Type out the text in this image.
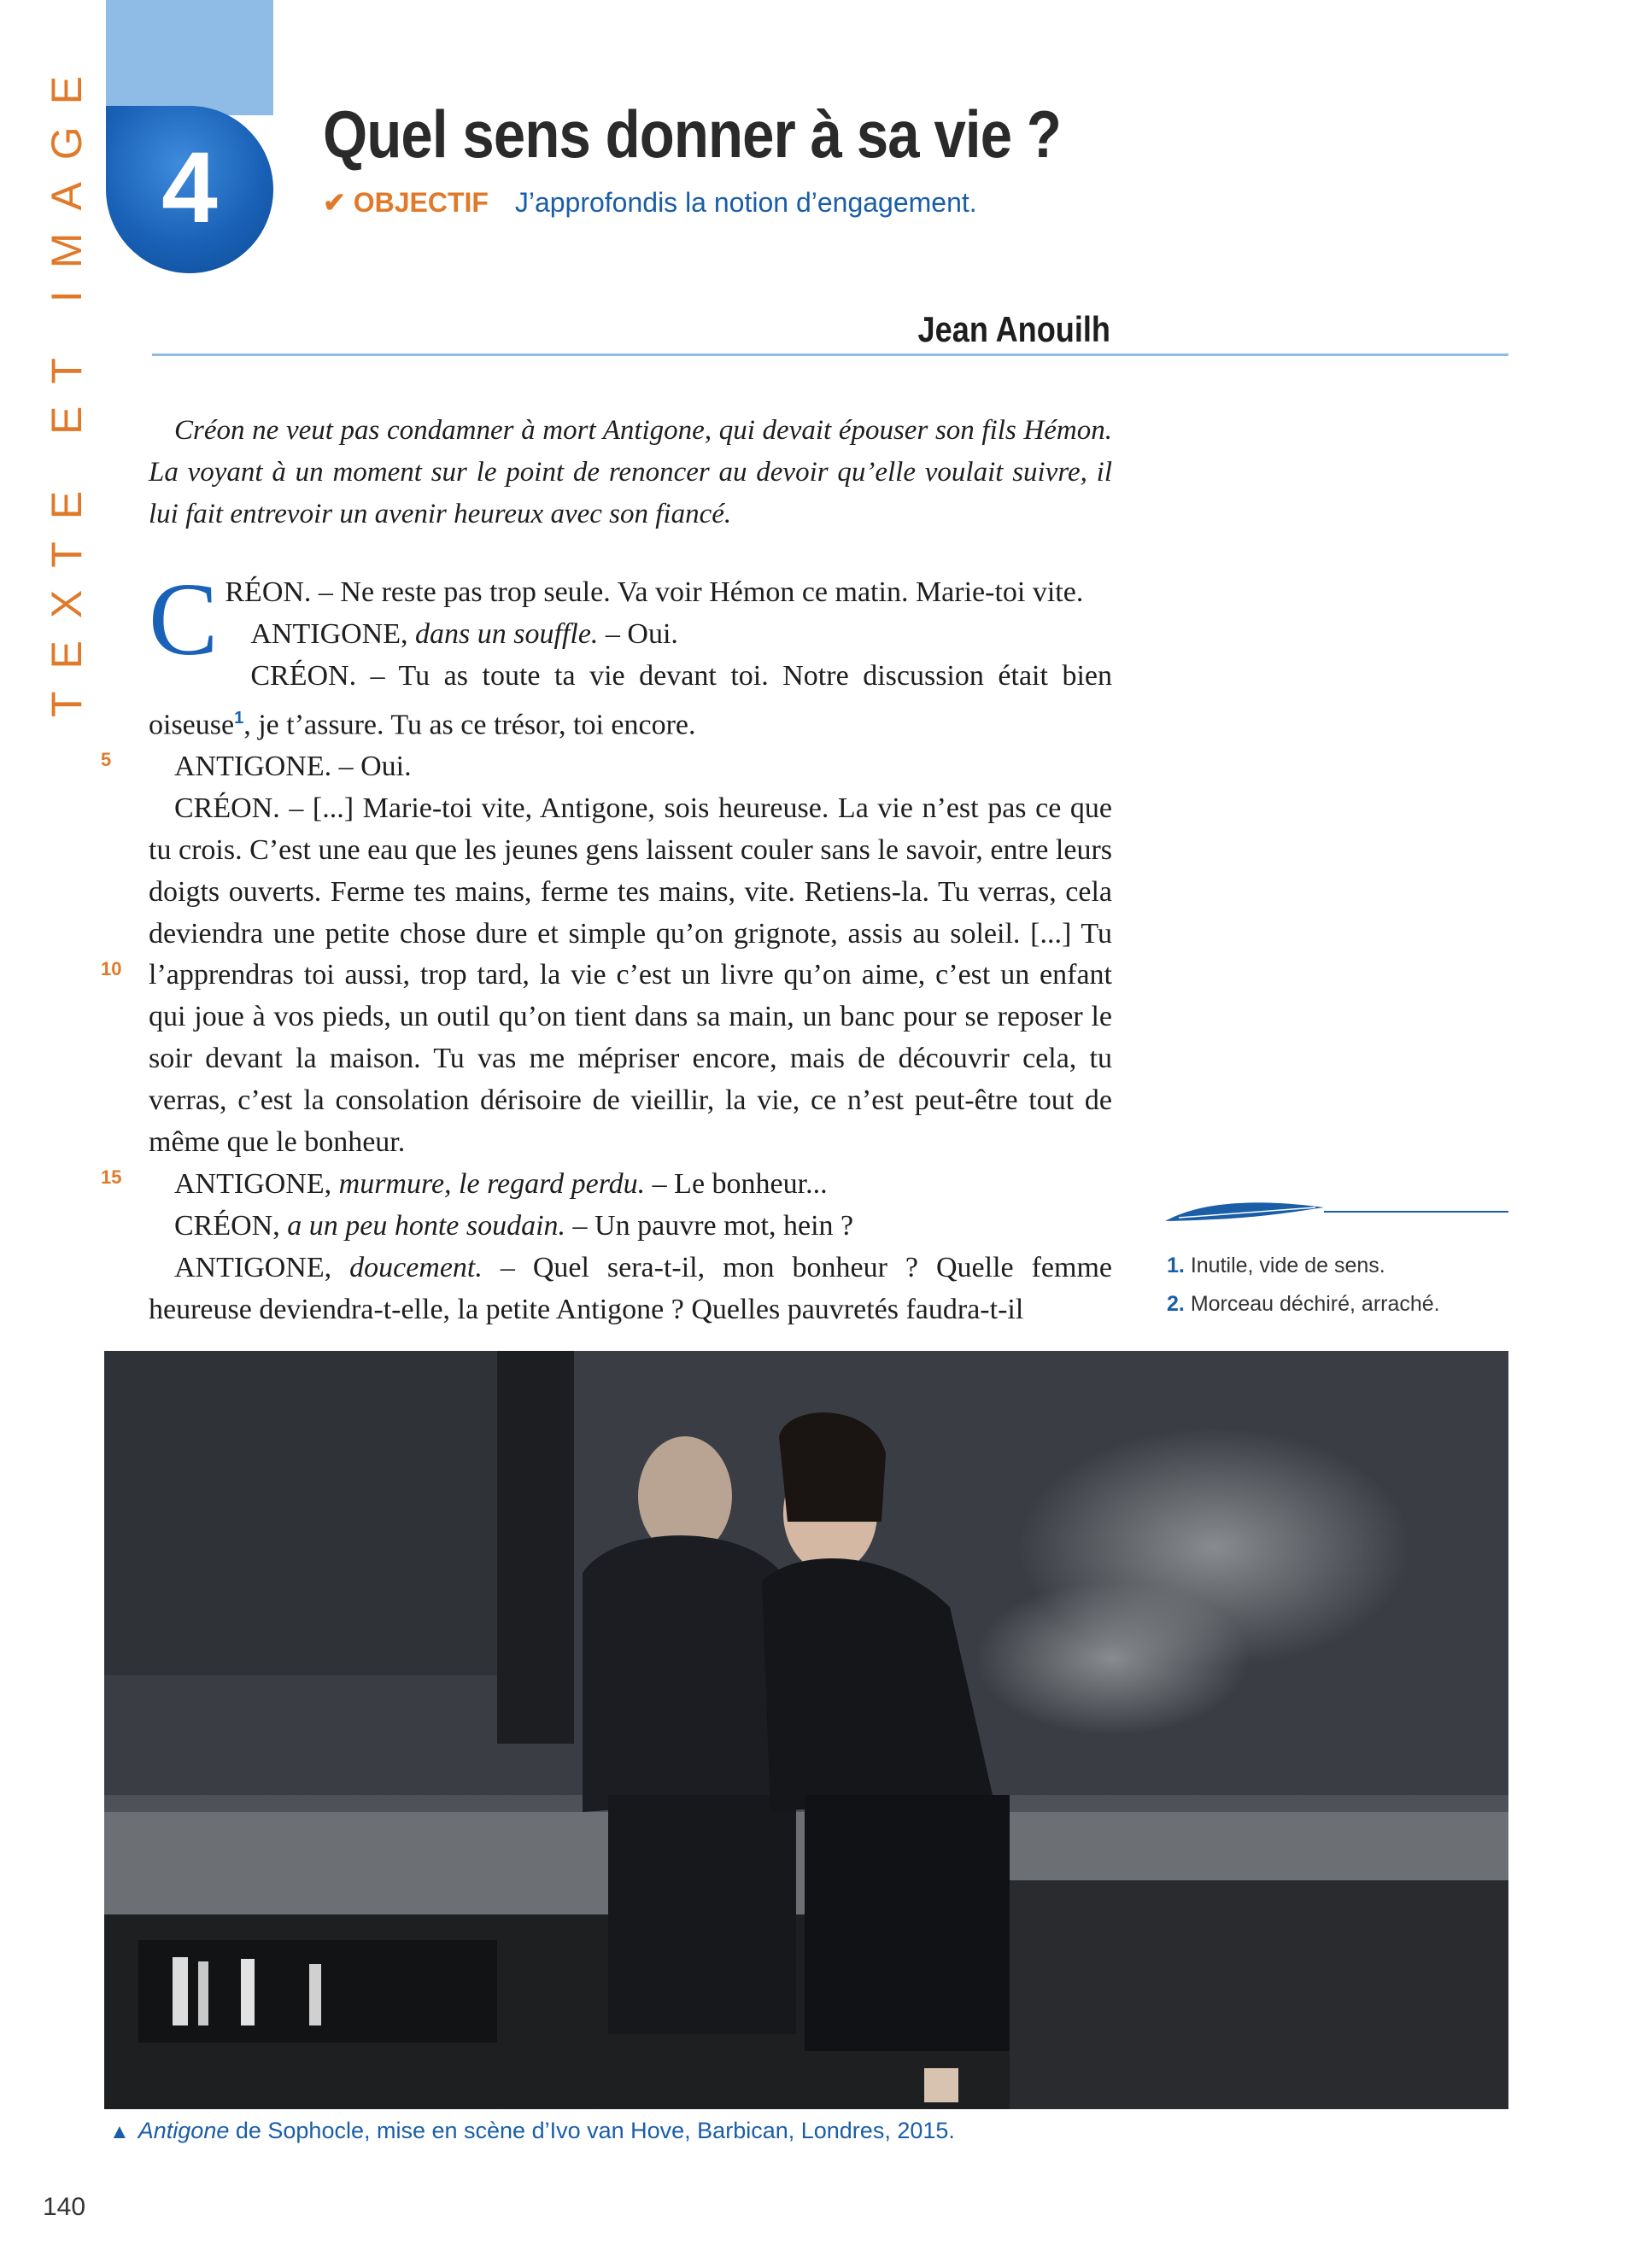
TEXTE ET IMAGE 4	Quel sens donner à sa vie ?
✔ OBJECTIF J’approfondis la notion d’engagement.
Jean Anouilh
Créon ne veut pas condamner à mort Antigone, qui devait épouser son fils Hémon. La voyant à un moment sur le point de renoncer au devoir qu’elle voulait suivre, il lui fait entrevoir un avenir heureux avec son fiancé.

CRÉON. – Ne reste pas trop seule. Va voir Hémon ce matin. Marie-toi vite.

ANTIGONE, dans un souffle. – Oui.

CRÉON. – Tu as toute ta vie devant toi. Notre discussion était bien oiseuse$^1$, je t’assure. Tu as ce trésor, toi encore.

ANTIGONE. – Oui.

CRÉON. – [...] Marie-toi vite, Antigone, sois heureuse. La vie n’est pas ce que tu crois. C’est une eau que les jeunes gens laissent couler sans le savoir, entre leurs doigts ouverts. Ferme tes mains, ferme tes mains, vite. Retiens-la. Tu verras, cela deviendra une petite chose dure et simple qu’on grignote, assis au soleil. [...] Tu l’apprendras toi aussi, trop tard, la vie c’est un livre qu’on aime, c’est un enfant qui joue à vos pieds, un outil qu’on tient dans sa main, un banc pour se reposer le soir devant la maison. Tu vas me mépriser encore, mais de découvrir cela, tu verras, c’est la consolation dérisoire de vieillir, la vie, ce n’est peut-être tout de même que le bonheur.

ANTIGONE, murmure, le regard perdu. – Le bonheur...

CRÉON, a un peu honte soudain. – Un pauvre mot, hein ?

ANTIGONE, doucement. – Quel sera-t-il, mon bonheur ? Quelle femme heureuse deviendra-t-elle, la petite Antigone ? Quelles pauvretés faudra-t-il

5
10
15
1. Inutile, vide de sens.
2. Morceau déchiré, arraché.
▲ Antigone de Sophocle, mise en scène d’Ivo van Hove, Barbican, Londres, 2015.
140
